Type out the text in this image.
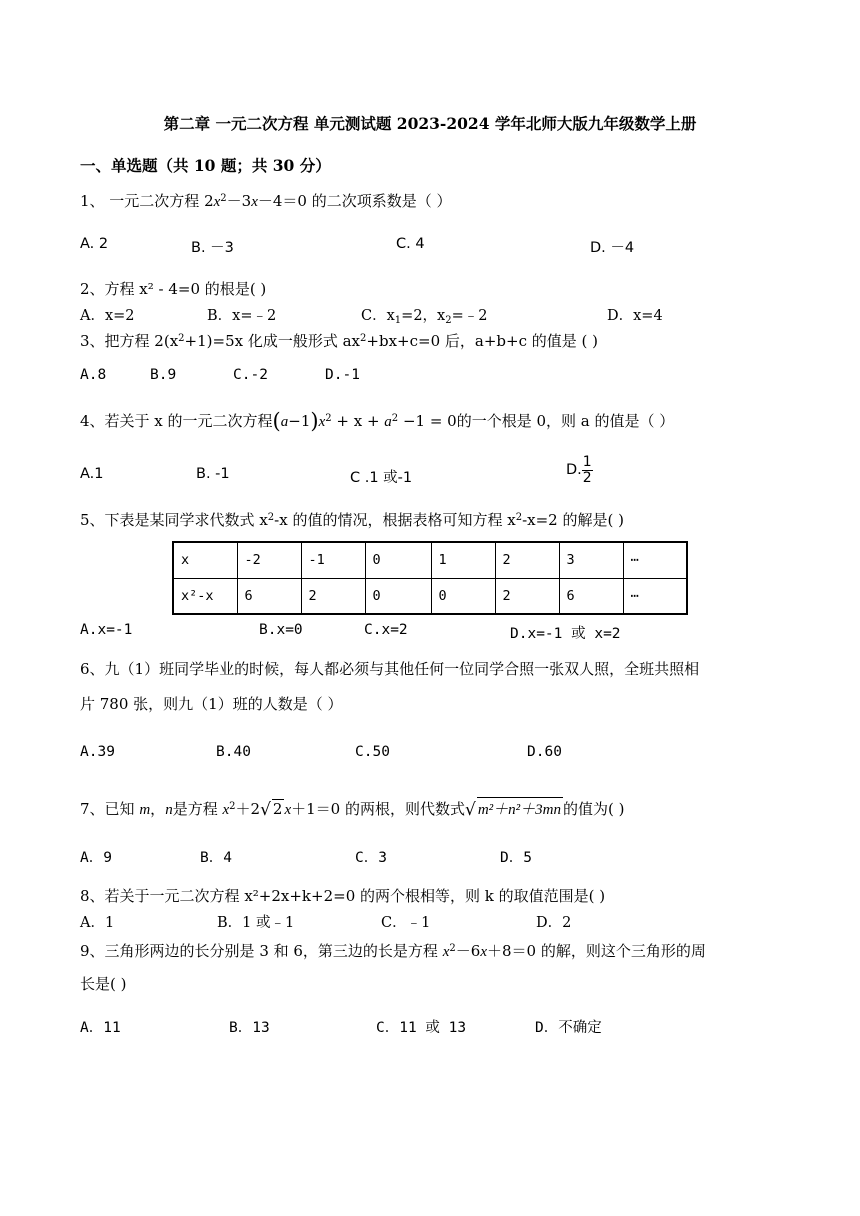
第二章 一元二次方程 单元测试题 2023-2024 学年北师大版九年级数学上册
一、单选题（共 10 题；共 30 分）
1、 一元二次方程 $2x^2-3x-4=0$ 的二次项系数是（ ）
A. 2	B. －3	C. 4	D. －4
2、方程 x² ‑ 4=0 的根是( )
A．x=2	B．x=﹣2	C．$x_1=2$，$x_2=﹣2$	D．x=4
3、把方程 $2(x^2+1)=5x$ 化成一般形式 $ax^2+bx+c=0$ 后，a+b+c 的值是 ( )
A.8	B.9	C.-2	D.-1
4、若关于 x 的一元二次方程$(a-1)x^2 + x + a^2 -1 = 0$的一个根是 0，则 a 的值是（ ）
A.1	B. -1	C .1 或-1	D. $\frac{1}{2}$
5、下表是某同学求代数式 $x^2-x$ 的值的情况，根据表格可知方程 $x^2-x=2$ 的解是( )
x	-2	-1	0	1	2	3	⋯
x²-x	6	2	0	0	2	6	⋯
A.x=-1	B.x=0	C.x=2	D.x=-1 或 x=2
6、九（1）班同学毕业的时候，每人都必须与其他任何一位同学合照一张双人照，全班共照相
片 780 张，则九（1）班的人数是（ ）
A.39	B.40	C.50	D.60
7、已知 m，n是方程 $x^2+2√$ 2 x＋1＝0 的两根，则代数式√ m²＋n²＋3mn 的值为( )
A．9	B．4	C．3	D．5
8、若关于一元二次方程 x²+2x+k+2=0 的两个根相等，则 k 的取值范围是( )
A．1	B．1 或﹣1	C．﹣1	D．2
9、三角形两边的长分别是 3 和 6，第三边的长是方程 $x^2-6x+8=0$ 的解，则这个三角形的周
长是( )
A．11	B．13	C．11 或 13	D．不确定
